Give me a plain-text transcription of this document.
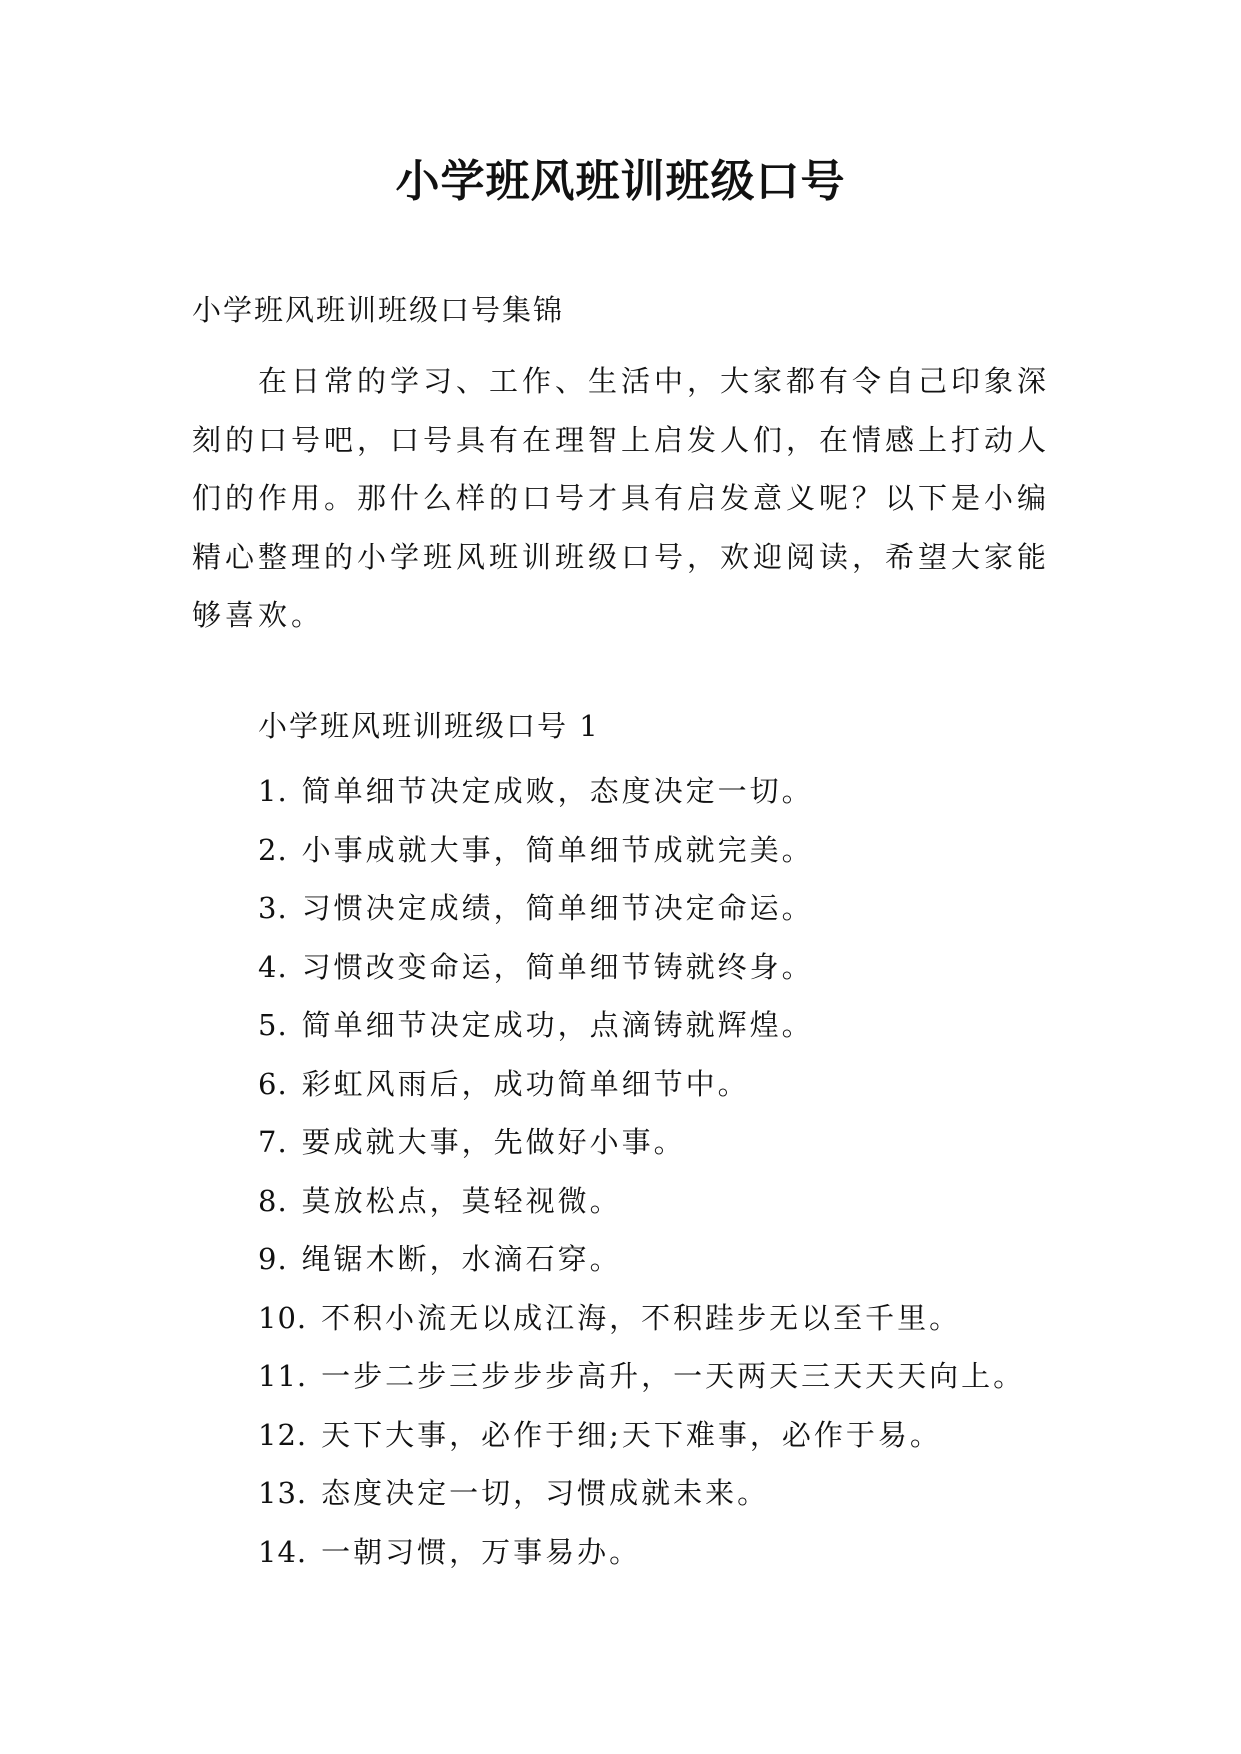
小学班风班训班级口号

小学班风班训班级口号集锦

在日常的学习、工作、生活中，大家都有令自己印象深刻的口号吧，口号具有在理智上启发人们，在情感上打动人们的作用。那什么样的口号才具有启发意义呢？以下是小编精心整理的小学班风班训班级口号，欢迎阅读，希望大家能够喜欢。

小学班风班训班级口号 1

1. 简单细节决定成败，态度决定一切。
2. 小事成就大事，简单细节成就完美。
3. 习惯决定成绩，简单细节决定命运。
4. 习惯改变命运，简单细节铸就终身。
5. 简单细节决定成功，点滴铸就辉煌。
6. 彩虹风雨后，成功简单细节中。
7. 要成就大事，先做好小事。
8. 莫放松点，莫轻视微。
9. 绳锯木断，水滴石穿。
10. 不积小流无以成江海，不积跬步无以至千里。
11. 一步二步三步步步高升，一天两天三天天天向上。
12. 天下大事，必作于细;天下难事，必作于易。
13. 态度决定一切，习惯成就未来。
14. 一朝习惯，万事易办。
